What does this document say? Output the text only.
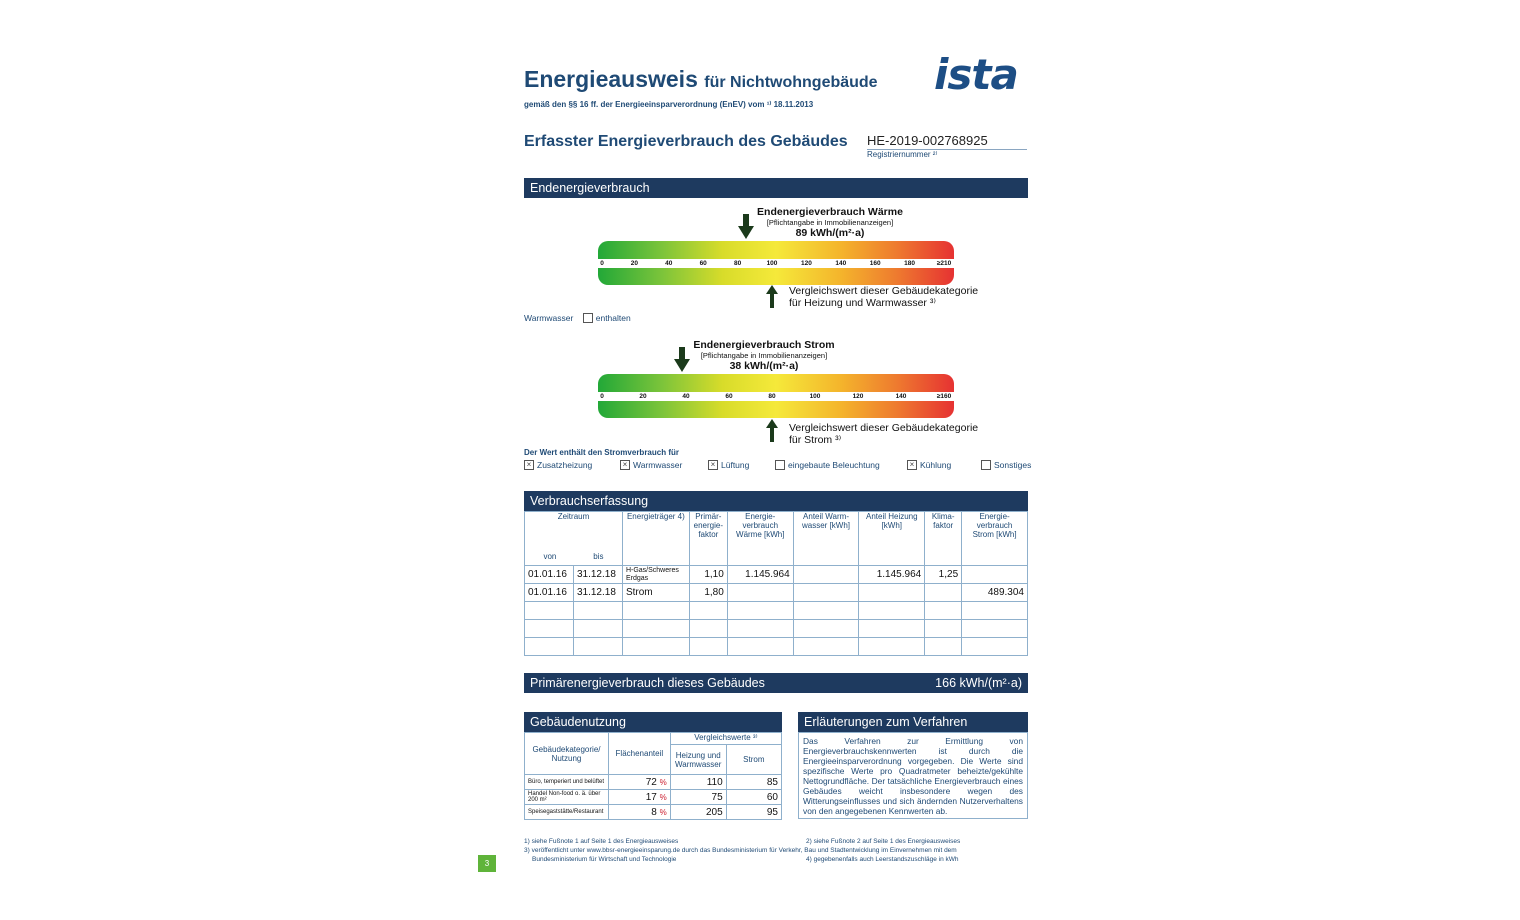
Energieausweis für Nichtwohngebäude
gemäß den §§ 16 ff. der Energieeinsparverordnung (EnEV) vom ¹⁾ 18.11.2013
ista
Erfasster Energieverbrauch des Gebäudes HE-2019-002768925
Registriernummer ²⁾
Endenergieverbrauch
Endenergieverbrauch Wärme
[Pflichtangabe in Immobilienanzeigen]
89 kWh/(m²·a)
0	20	40	60	80	100	120	140	160	180	≥210
Vergleichswert dieser Gebäudekategorie
für Heizung und Warmwasser ³⁾
Warmwasser	enthalten
Endenergieverbrauch Strom
[Pflichtangabe in Immobilienanzeigen]
38 kWh/(m²·a)
0	20	40	60	80	100	120	140	≥160
Vergleichswert dieser Gebäudekategorie
für Strom ³⁾
Der Wert enthält den Stromverbrauch für
× Zusatzheizung	× Warmwasser	× Lüftung	eingebaute Beleuchtung	× Kühlung	Sonstiges
Verbrauchserfassung
Zeitraum
von bis		Energieträger 4)	Primär-energie-faktor	Energie-verbrauch Wärme [kWh]	Anteil Warm-wasser [kWh]	Anteil Heizung [kWh]	Klima-faktor	Energie-verbrauch Strom [kWh]
01.01.16	31.12.18	H-Gas/Schweres Erdgas	1,10	1.145.964		1.145.964	1,25	
01.01.16	31.12.18	Strom	1,80					489.304

Primärenergieverbrauch dieses Gebäudes	166 kWh/(m²·a)
Gebäudenutzung
Gebäudekategorie/ Nutzung	Flächenanteil	Vergleichswerte ³⁾	
		Heizung und Warmwasser	Strom
Büro, temperiert und belüftet	72 %	110	85
Handel Non-food o. ä. über 200 m²	17 %	75	60
Speisegaststätte/Restaurant	8 %	205	95
Erläuterungen zum Verfahren
Das Verfahren zur Ermittlung von Energieverbrauchskennwerten ist durch die Energieeinsparverordnung vorgegeben. Die Werte sind spezifische Werte pro Quadratmeter beheizte/gekühlte Nettogrundfläche. Der tatsächliche Energieverbrauch eines Gebäudes weicht insbesondere wegen des Witterungseinflusses und sich ändernden Nutzerverhaltens von den angegebenen Kennwerten ab.
1) siehe Fußnote 1 auf Seite 1 des Energieausweises	2) siehe Fußnote 2 auf Seite 1 des Energieausweises
3) veröffentlicht unter www.bbsr-energieeinsparung.de durch das Bundesministerium für Verkehr, Bau und Stadtentwicklung im Einvernehmen mit dem
Bundesministerium für Wirtschaft und Technologie	4) gegebenenfalls auch Leerstandszuschläge in kWh
3
